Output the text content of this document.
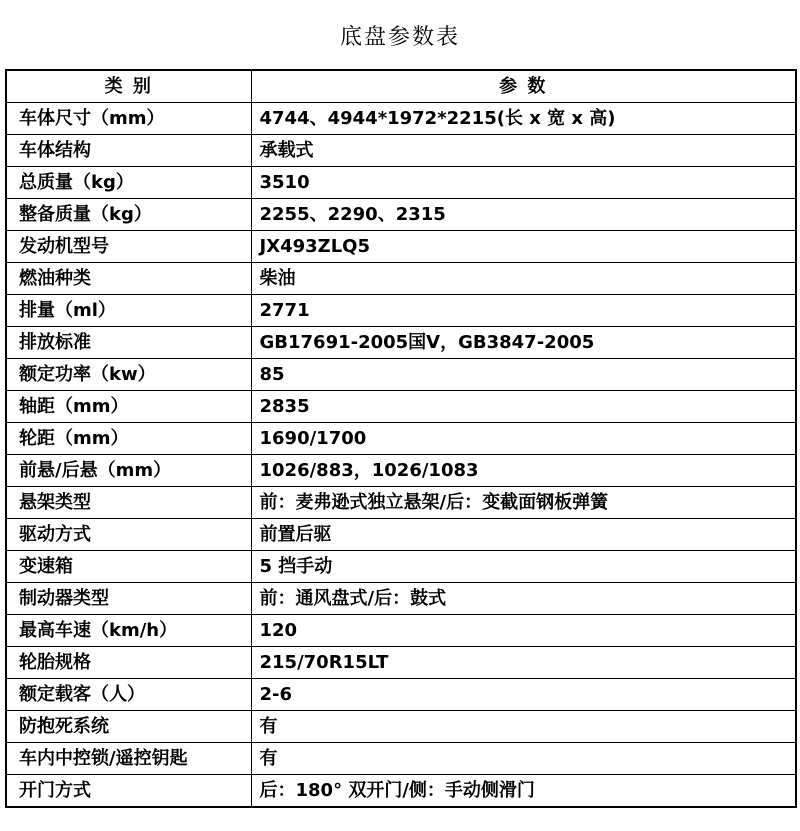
底盘参数表
类 别	参 数
车体尺寸（mm）	4744、4944*1972*2215(长 x 宽 x 高)
车体结构	承载式
总质量（kg）	3510
整备质量（kg）	2255、2290、2315
发动机型号	JX493ZLQ5
燃油种类	柴油
排量（ml）	2771
排放标准	GB17691-2005国Ⅴ，GB3847-2005
额定功率（kw）	85
轴距（mm）	2835
轮距（mm）	1690/1700
前悬/后悬（mm）	1026/883，1026/1083
悬架类型	前：麦弗逊式独立悬架/后：变截面钢板弹簧
驱动方式	前置后驱
变速箱	5 挡手动
制动器类型	前：通风盘式/后：鼓式
最高车速（km/h）	120
轮胎规格	215/70R15LT
额定载客（人）	2-6
防抱死系统	有
车内中控锁/遥控钥匙	有
开门方式	后：180° 双开门/侧：手动侧滑门
